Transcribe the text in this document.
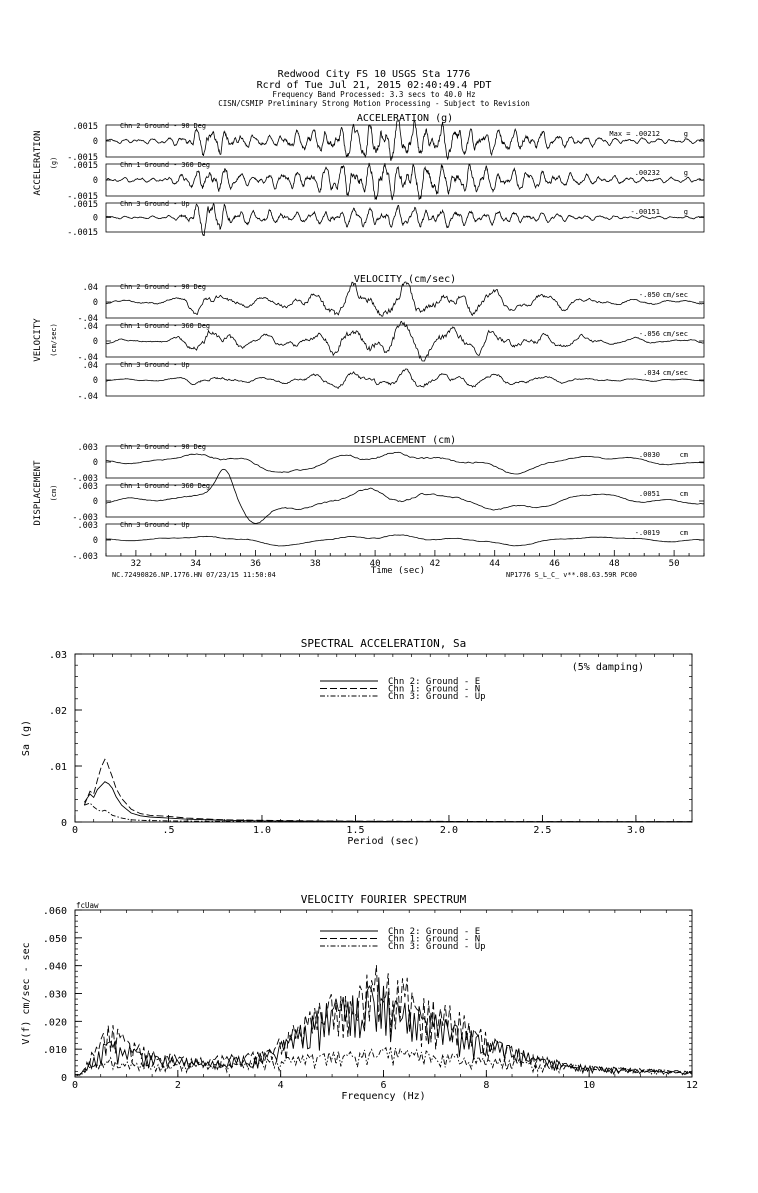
Redwood City FS 10 USGS Sta 1776
Rcrd of Tue Jul 21, 2015 02:40:49.4 PDT
Frequency Band Processed: 3.3 secs to 40.0 Hz
CISN/CSMIP Preliminary Strong Motion Processing - Subject to Revision
ACCELERATION (g)
ACCELERATION (g)
.0015
0
-.0015
Chn 2 Ground - 90 Deg
Max = .00212	g
.0015
0
-.0015
Chn 1 Ground - 360 Deg
.00232	g
.0015
0
-.0015
Chn 3 Ground - Up
-.00151	g
VELOCITY (cm/sec)
VELOCITY (cm/sec)
.04
0
-.04
Chn 2 Ground - 90 Deg
-.050 cm/sec
.04
0
-.04
Chn 1 Ground - 360 Deg
-.056 cm/sec
.04
0
-.04
Chn 3 Ground - Up
.034 cm/sec
DISPLACEMENT (cm)
DISPLACEMENT (cm)
.003
0
-.003
Chn 2 Ground - 90 Deg
.0030	cm
.003
0
-.003
Chn 1 Ground - 360 Deg
.0051	cm
.003
0
-.003
Chn 3 Ground - Up
-.0019	cm
32	34	36	38	40	42	44	46	48	50
Time (sec)
NC.72490826.NP.1776.HN 07/23/15 11:50:04	NP1776 S_L_C_ v**.08.63.59R PC00
SPECTRAL ACCELERATION, Sa
0	.5	1.0	1.5	2.0	2.5	3.0
0
.01
.02
.03
Period (sec)
Sa (g)
(5% damping)
Chn 2: Ground - E
Chn 1: Ground - N
Chn 3: Ground - Up
VELOCITY FOURIER SPECTRUM
0	2	4	6	8	10	12
0
.010
.020
.030
.040
.050
.060
Frequency (Hz)
V(f) cm/sec - sec
fcUaw
Chn 2: Ground - E
Chn 1: Ground - N
Chn 3: Ground - Up
